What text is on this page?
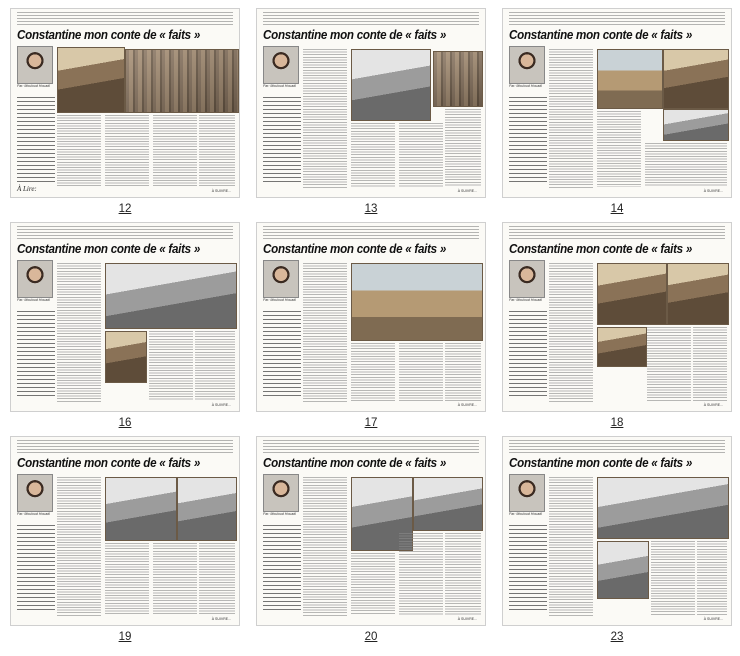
Constantine mon conte de « faits »
Par: Mouloud Houadi
À Lire:	À SUIVRE...
12
Constantine mon conte de « faits »
Par: Mouloud Houadi
À SUIVRE...
13
Constantine mon conte de « faits »
Par: Mouloud Houadi
À SUIVRE...
14
Constantine mon conte de « faits »
Par: Mouloud Houadi
À SUIVRE...
16
Constantine mon conte de « faits »
Par: Mouloud Houadi
À SUIVRE...
17
Constantine mon conte de « faits »
Par: Mouloud Houadi
À SUIVRE...
18
Constantine mon conte de « faits »
Par: Mouloud Houadi
À SUIVRE...
19
Constantine mon conte de « faits »
Par: Mouloud Houadi
À SUIVRE...
20
Constantine mon conte de « faits »
Par: Mouloud Houadi
À SUIVRE...
23
